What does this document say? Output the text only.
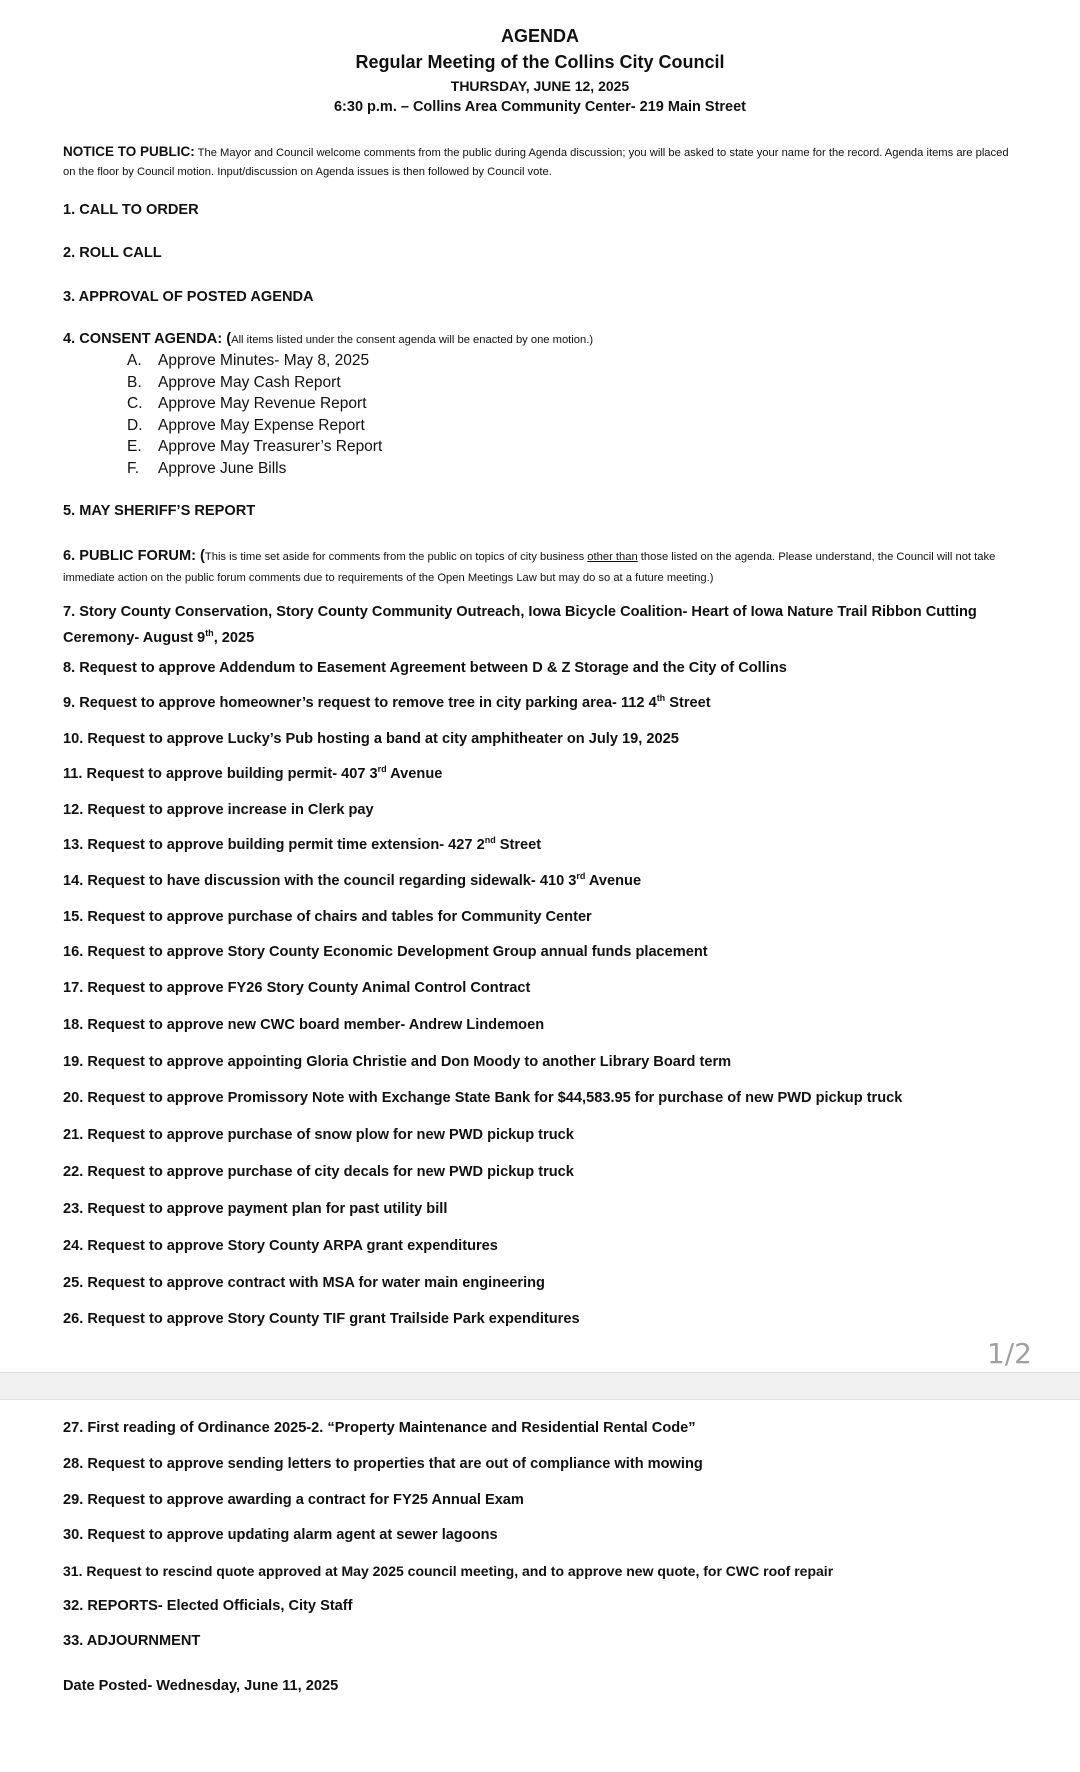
AGENDA
Regular Meeting of the Collins City Council
THURSDAY, JUNE 12, 2025
6:30 p.m. – Collins Area Community Center- 219 Main Street
NOTICE TO PUBLIC: The Mayor and Council welcome comments from the public during Agenda discussion; you will be asked to state your name for the record. Agenda items are placed on the floor by Council motion. Input/discussion on Agenda issues is then followed by Council vote.
1. CALL TO ORDER
2. ROLL CALL
3. APPROVAL OF POSTED AGENDA
4. CONSENT AGENDA: (All items listed under the consent agenda will be enacted by one motion.)
A. Approve Minutes- May 8, 2025
B. Approve May Cash Report
C. Approve May Revenue Report
D. Approve May Expense Report
E. Approve May Treasurer’s Report
F. Approve June Bills
5. MAY SHERIFF’S REPORT
6. PUBLIC FORUM: (This is time set aside for comments from the public on topics of city business other than those listed on the agenda. Please understand, the Council will not take immediate action on the public forum comments due to requirements of the Open Meetings Law but may do so at a future meeting.)
7. Story County Conservation, Story County Community Outreach, Iowa Bicycle Coalition- Heart of Iowa Nature Trail Ribbon Cutting Ceremony- August 9th, 2025
8. Request to approve Addendum to Easement Agreement between D & Z Storage and the City of Collins
9. Request to approve homeowner’s request to remove tree in city parking area- 112 4th Street
10. Request to approve Lucky’s Pub hosting a band at city amphitheater on July 19, 2025
11. Request to approve building permit- 407 3rd Avenue
12. Request to approve increase in Clerk pay
13. Request to approve building permit time extension- 427 2nd Street
14. Request to have discussion with the council regarding sidewalk- 410 3rd Avenue
15. Request to approve purchase of chairs and tables for Community Center
16. Request to approve Story County Economic Development Group annual funds placement
17. Request to approve FY26 Story County Animal Control Contract
18. Request to approve new CWC board member- Andrew Lindemoen
19. Request to approve appointing Gloria Christie and Don Moody to another Library Board term
20. Request to approve Promissory Note with Exchange State Bank for $44,583.95 for purchase of new PWD pickup truck
21. Request to approve purchase of snow plow for new PWD pickup truck
22. Request to approve purchase of city decals for new PWD pickup truck
23. Request to approve payment plan for past utility bill
24. Request to approve Story County ARPA grant expenditures
25. Request to approve contract with MSA for water main engineering
26. Request to approve Story County TIF grant Trailside Park expenditures
1/2
27. First reading of Ordinance 2025-2. “Property Maintenance and Residential Rental Code”
28. Request to approve sending letters to properties that are out of compliance with mowing
29. Request to approve awarding a contract for FY25 Annual Exam
30. Request to approve updating alarm agent at sewer lagoons
31. Request to rescind quote approved at May 2025 council meeting, and to approve new quote, for CWC roof repair
32. REPORTS- Elected Officials, City Staff
33. ADJOURNMENT
Date Posted- Wednesday, June 11, 2025
